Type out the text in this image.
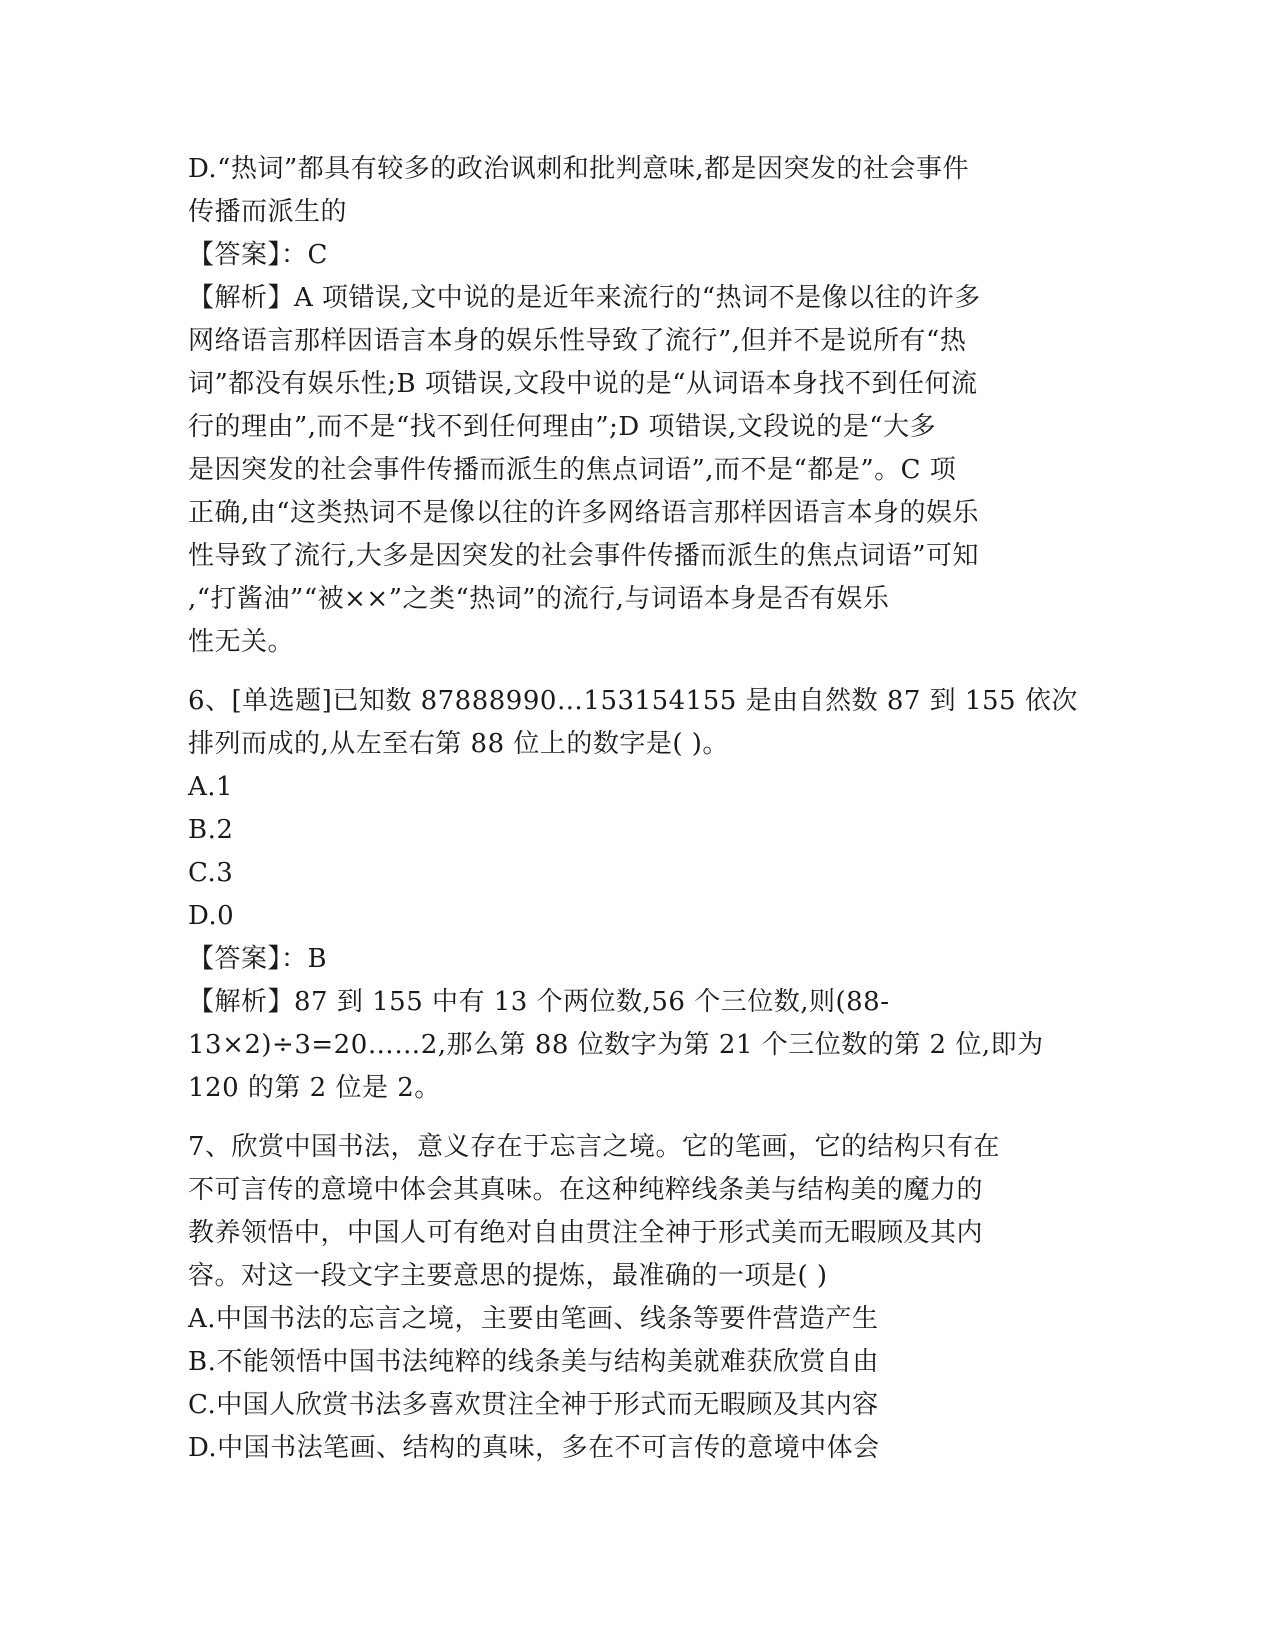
D.“热词”都具有较多的政治讽刺和批判意味,都是因突发的社会事件
传播而派生的
【答案】：C
【解析】A 项错误,文中说的是近年来流行的“热词不是像以往的许多
网络语言那样因语言本身的娱乐性导致了流行”,但并不是说所有“热
词”都没有娱乐性;B 项错误,文段中说的是“从词语本身找不到任何流
行的理由”,而不是“找不到任何理由”;D 项错误,文段说的是“大多
是因突发的社会事件传播而派生的焦点词语”,而不是“都是”。C 项
正确,由“这类热词不是像以往的许多网络语言那样因语言本身的娱乐
性导致了流行,大多是因突发的社会事件传播而派生的焦点词语”可知
,“打酱油”“被××”之类“热词”的流行,与词语本身是否有娱乐
性无关。
6、[单选题]已知数 87888990…153154155 是由自然数 87 到 155 依次
排列而成的,从左至右第 88 位上的数字是( )。
A.1
B.2
C.3
D.0
【答案】：B
【解析】87 到 155 中有 13 个两位数,56 个三位数,则(88-
13×2)÷3=20……2,那么第 88 位数字为第 21 个三位数的第 2 位,即为
120 的第 2 位是 2。
7、欣赏中国书法，意义存在于忘言之境。它的笔画，它的结构只有在
不可言传的意境中体会其真味。在这种纯粹线条美与结构美的魔力的
教养领悟中，中国人可有绝对自由贯注全神于形式美而无暇顾及其内
容。对这一段文字主要意思的提炼，最准确的一项是( )
A.中国书法的忘言之境，主要由笔画、线条等要件营造产生
B.不能领悟中国书法纯粹的线条美与结构美就难获欣赏自由
C.中国人欣赏书法多喜欢贯注全神于形式而无暇顾及其内容
D.中国书法笔画、结构的真味，多在不可言传的意境中体会
